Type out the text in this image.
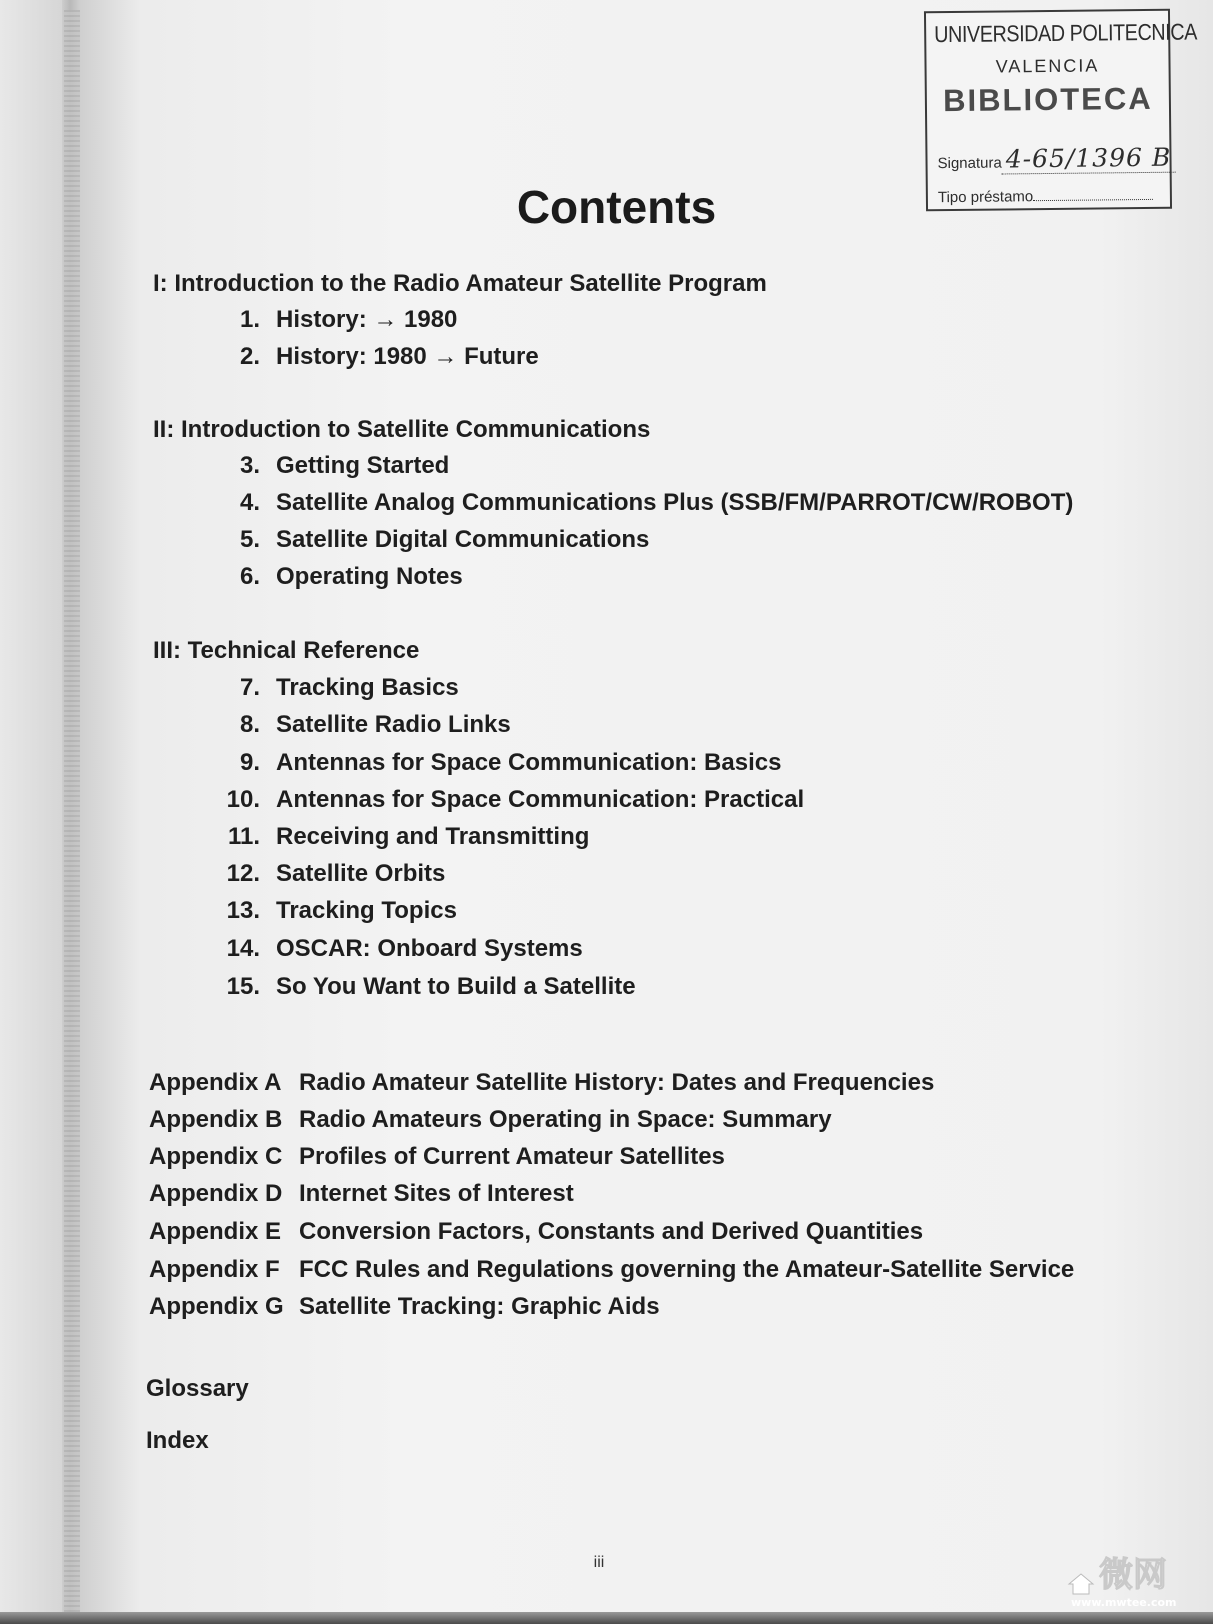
UNIVERSIDAD POLITECNICA
VALENCIA
BIBLIOTECA
Signatura 4-65/1396 B
Tipo préstamo
Contents
I: Introduction to the Radio Amateur Satellite Program
1. History: → 1980
2. History: 1980 → Future
II: Introduction to Satellite Communications
3. Getting Started
4. Satellite Analog Communications Plus (SSB/FM/PARROT/CW/ROBOT)
5. Satellite Digital Communications
6. Operating Notes
III: Technical Reference
7. Tracking Basics
8. Satellite Radio Links
9. Antennas for Space Communication: Basics
10. Antennas for Space Communication: Practical
11. Receiving and Transmitting
12. Satellite Orbits
13. Tracking Topics
14. OSCAR: Onboard Systems
15. So You Want to Build a Satellite
Appendix A Radio Amateur Satellite History: Dates and Frequencies
Appendix B Radio Amateurs Operating in Space: Summary
Appendix C Profiles of Current Amateur Satellites
Appendix D Internet Sites of Interest
Appendix E Conversion Factors, Constants and Derived Quantities
Appendix F FCC Rules and Regulations governing the Amateur-Satellite Service
Appendix G Satellite Tracking: Graphic Aids
Glossary
Index
iii	微网
www.mwtee.com
